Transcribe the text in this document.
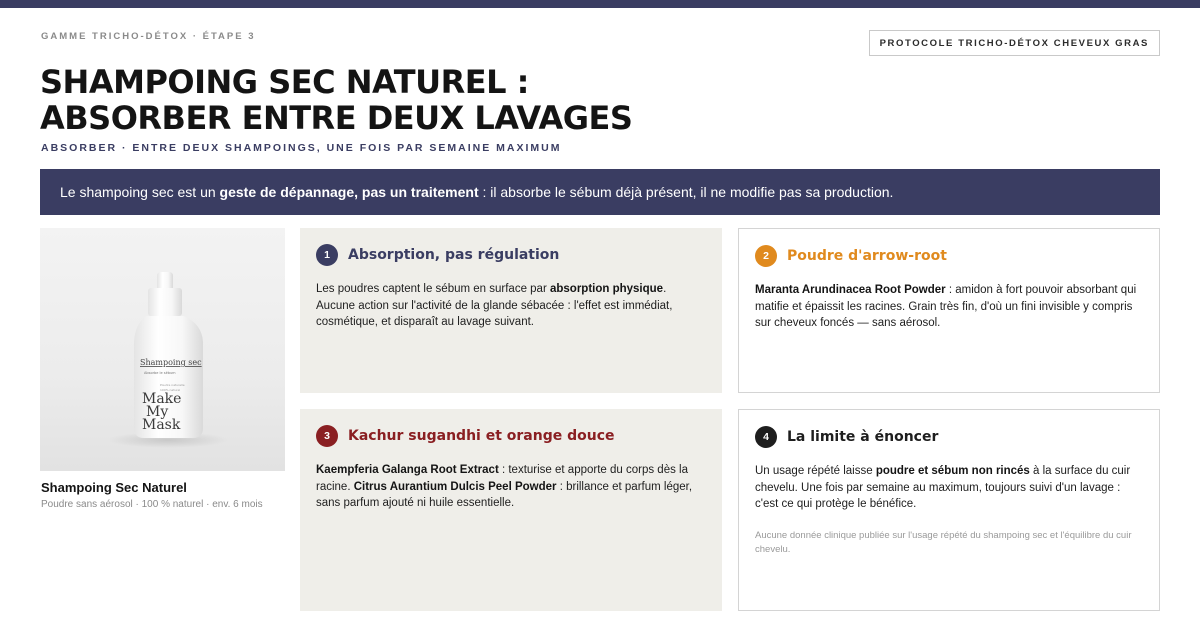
GAMME TRICHO-DÉTOX · ÉTAPE 3
PROTOCOLE TRICHO-DÉTOX CHEVEUX GRAS
SHAMPOING SEC NATUREL :
ABSORBER ENTRE DEUX LAVAGES
ABSORBER · ENTRE DEUX SHAMPOINGS, UNE FOIS PAR SEMAINE MAXIMUM

Le shampoing sec est un geste de dépannage, pas un traitement : il absorbe le sébum déjà présent, il ne modifie pas sa production.

Shampoing sec
Absorbe le sébum
Poudre naturelle
100% naturel
Make
My
Mask
Shampoing Sec Naturel
Poudre sans aérosol · 100 % naturel · env. 6 mois
1	Absorption, pas régulation

Les poudres captent le sébum en surface par absorption physique. Aucune action sur l'activité de la glande sébacée : l'effet est immédiat, cosmétique, et disparaît au lavage suivant.

2	Poudre d'arrow-root

Maranta Arundinacea Root Powder : amidon à fort pouvoir absorbant qui matifie et épaissit les racines. Grain très fin, d'où un fini invisible y compris sur cheveux foncés — sans aérosol.

3	Kachur sugandhi et orange douce

Kaempferia Galanga Root Extract : texturise et apporte du corps dès la racine. Citrus Aurantium Dulcis Peel Powder : brillance et parfum léger, sans parfum ajouté ni huile essentielle.

4	La limite à énoncer

Un usage répété laisse poudre et sébum non rincés à la surface du cuir chevelu. Une fois par semaine au maximum, toujours suivi d'un lavage : c'est ce qui protège le bénéfice.

Aucune donnée clinique publiée sur l'usage répété du shampoing sec et l'équilibre du cuir chevelu.
